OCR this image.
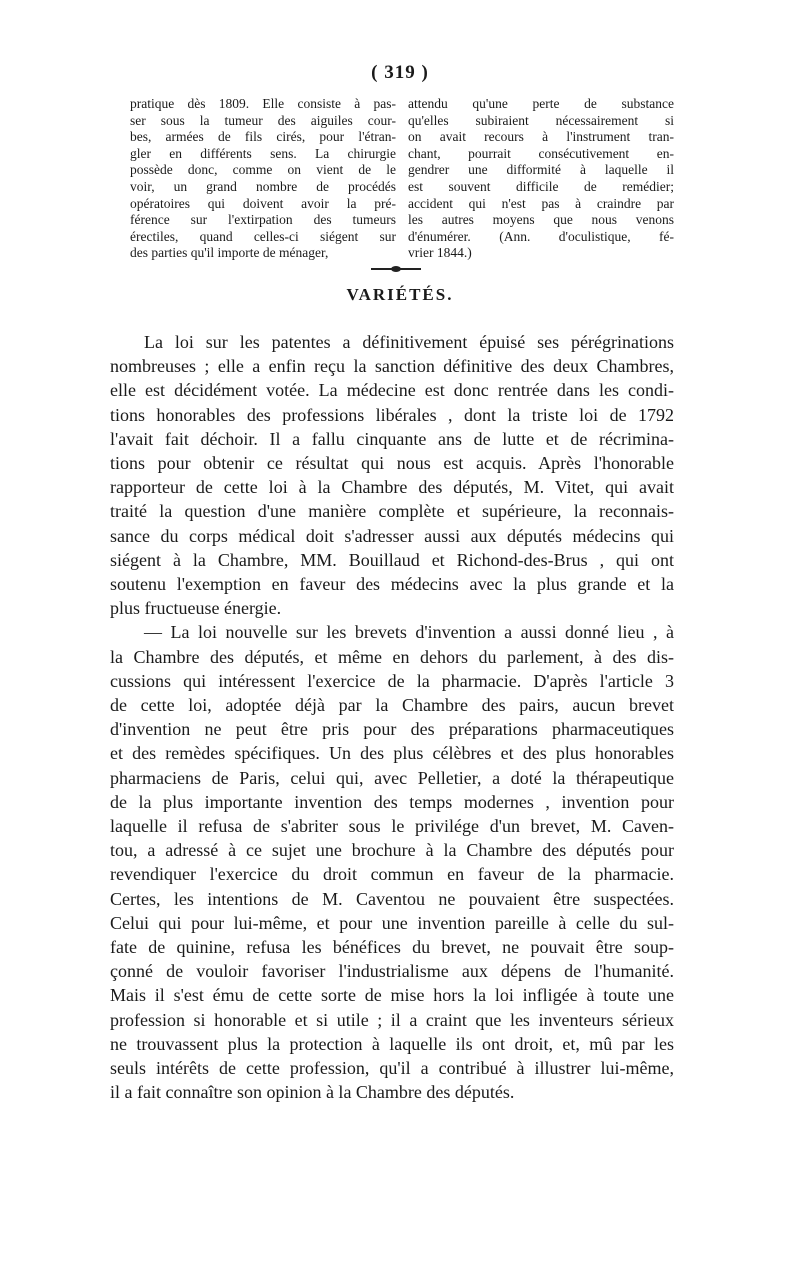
( 319 )
pratique dès 1809. Elle consiste à pas-
ser sous la tumeur des aiguiles cour-
bes, armées de fils cirés, pour l'étran-
gler en différents sens. La chirurgie
possède donc, comme on vient de le
voir, un grand nombre de procédés
opératoires qui doivent avoir la pré-
férence sur l'extirpation des tumeurs
érectiles, quand celles-ci siégent sur
des parties qu'il importe de ménager,
attendu qu'une perte de substance
qu'elles subiraient nécessairement si
on avait recours à l'instrument tran-
chant, pourrait consécutivement en-
gendrer une difformité à laquelle il
est souvent difficile de remédier;
accident qui n'est pas à craindre par
les autres moyens que nous venons
d'énumérer. (Ann. d'oculistique, fé-
vrier 1844.)
VARIÉTÉS.
La loi sur les patentes a définitivement épuisé ses pérégrinations
nombreuses ; elle a enfin reçu la sanction définitive des deux Chambres,
elle est décidément votée. La médecine est donc rentrée dans les condi-
tions honorables des professions libérales , dont la triste loi de 1792
l'avait fait déchoir. Il a fallu cinquante ans de lutte et de récrimina-
tions pour obtenir ce résultat qui nous est acquis. Après l'honorable
rapporteur de cette loi à la Chambre des députés, M. Vitet, qui avait
traité la question d'une manière complète et supérieure, la reconnais-
sance du corps médical doit s'adresser aussi aux députés médecins qui
siégent à la Chambre, MM. Bouillaud et Richond-des-Brus , qui ont
soutenu l'exemption en faveur des médecins avec la plus grande et la
plus fructueuse énergie.
— La loi nouvelle sur les brevets d'invention a aussi donné lieu , à
la Chambre des députés, et même en dehors du parlement, à des dis-
cussions qui intéressent l'exercice de la pharmacie. D'après l'article 3
de cette loi, adoptée déjà par la Chambre des pairs, aucun brevet
d'invention ne peut être pris pour des préparations pharmaceutiques
et des remèdes spécifiques. Un des plus célèbres et des plus honorables
pharmaciens de Paris, celui qui, avec Pelletier, a doté la thérapeutique
de la plus importante invention des temps modernes , invention pour
laquelle il refusa de s'abriter sous le privilége d'un brevet, M. Caven-
tou, a adressé à ce sujet une brochure à la Chambre des députés pour
revendiquer l'exercice du droit commun en faveur de la pharmacie.
Certes, les intentions de M. Caventou ne pouvaient être suspectées.
Celui qui pour lui-même, et pour une invention pareille à celle du sul-
fate de quinine, refusa les bénéfices du brevet, ne pouvait être soup-
çonné de vouloir favoriser l'industrialisme aux dépens de l'humanité.
Mais il s'est ému de cette sorte de mise hors la loi infligée à toute une
profession si honorable et si utile ; il a craint que les inventeurs sérieux
ne trouvassent plus la protection à laquelle ils ont droit, et, mû par les
seuls intérêts de cette profession, qu'il a contribué à illustrer lui-même,
il a fait connaître son opinion à la Chambre des députés.
